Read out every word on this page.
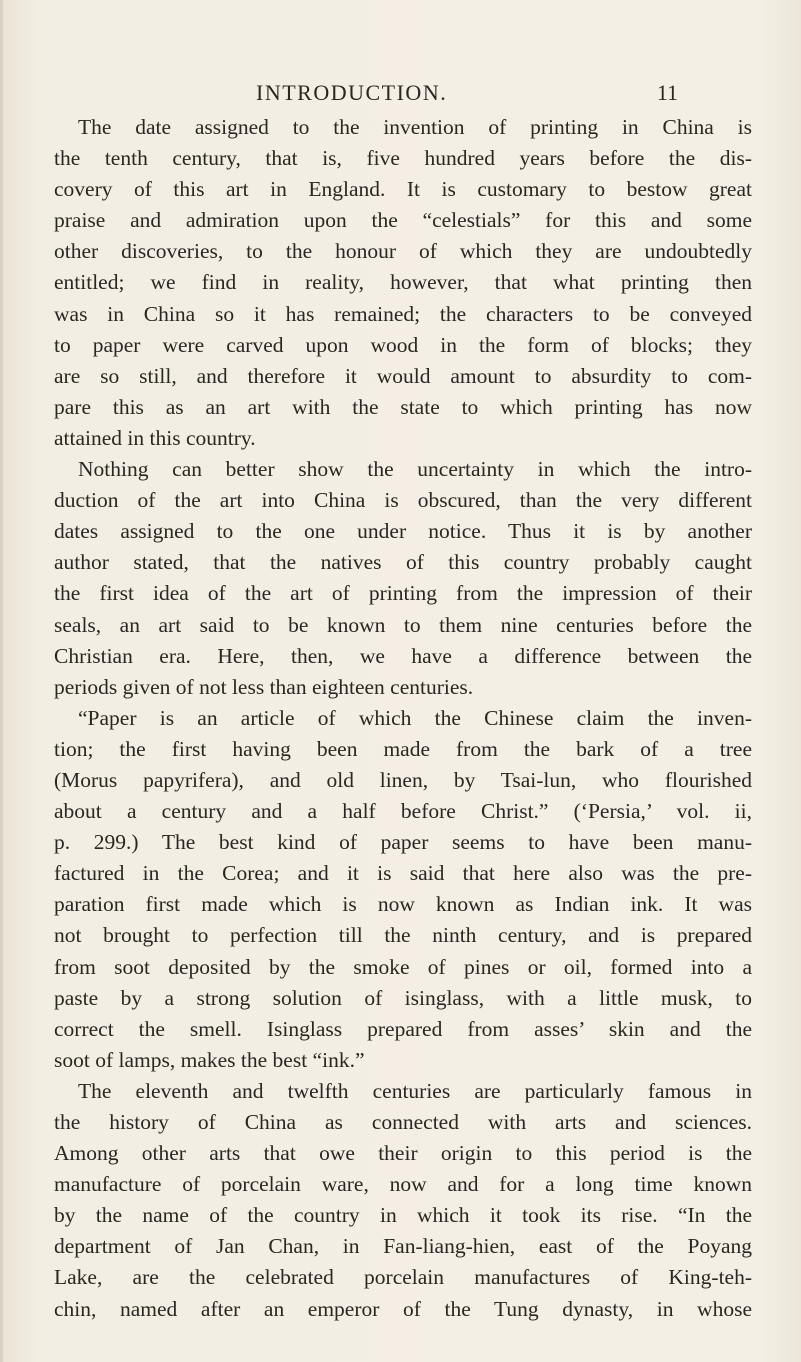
INTRODUCTION.	11
The date assigned to the invention of printing in China is
the tenth century, that is, five hundred years before the dis-
covery of this art in England. It is customary to bestow great
praise and admiration upon the “celestials” for this and some
other discoveries, to the honour of which they are undoubtedly
entitled; we find in reality, however, that what printing then
was in China so it has remained; the characters to be conveyed
to paper were carved upon wood in the form of blocks; they
are so still, and therefore it would amount to absurdity to com-
pare this as an art with the state to which printing has now
attained in this country.
Nothing can better show the uncertainty in which the intro-
duction of the art into China is obscured, than the very different
dates assigned to the one under notice. Thus it is by another
author stated, that the natives of this country probably caught
the first idea of the art of printing from the impression of their
seals, an art said to be known to them nine centuries before the
Christian era. Here, then, we have a difference between the
periods given of not less than eighteen centuries.
“Paper is an article of which the Chinese claim the inven-
tion; the first having been made from the bark of a tree
(Morus papyrifera), and old linen, by Tsai-lun, who flourished
about a century and a half before Christ.” (‘Persia,’ vol. ii,
p. 299.) The best kind of paper seems to have been manu-
factured in the Corea; and it is said that here also was the pre-
paration first made which is now known as Indian ink. It was
not brought to perfection till the ninth century, and is prepared
from soot deposited by the smoke of pines or oil, formed into a
paste by a strong solution of isinglass, with a little musk, to
correct the smell. Isinglass prepared from asses’ skin and the
soot of lamps, makes the best “ink.”
The eleventh and twelfth centuries are particularly famous in
the history of China as connected with arts and sciences.
Among other arts that owe their origin to this period is the
manufacture of porcelain ware, now and for a long time known
by the name of the country in which it took its rise. “In the
department of Jan Chan, in Fan-liang-hien, east of the Poyang
Lake, are the celebrated porcelain manufactures of King-teh-
chin, named after an emperor of the Tung dynasty, in whose
